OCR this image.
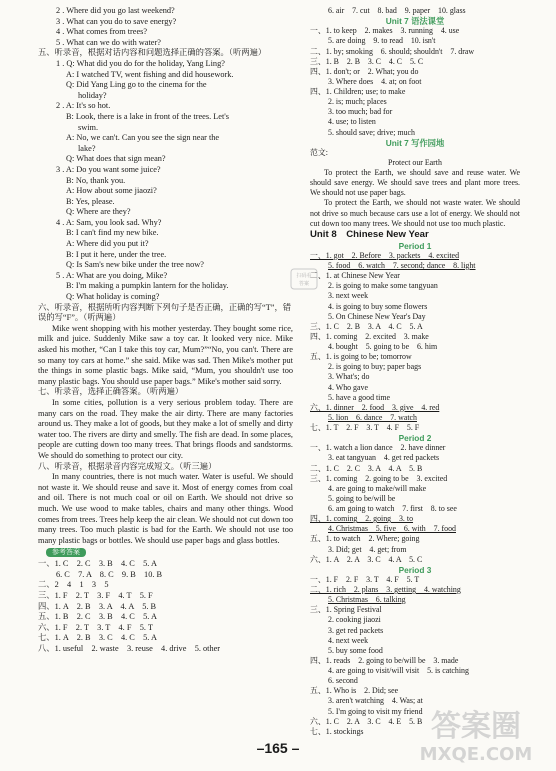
2 . Where did you go last weekend?
3 . What can you do to save energy?
4 . What comes from trees?
5 . What can we do with water?
五、听录音，根据对话内容和问题选择正确的答案。（听两遍）
1 . Q: What did you do for the holiday, Yang Ling?
A: I watched TV, went fishing and did housework.
Q: Did Yang Ling go to the cinema for the
holiday?
2 . A: It's so hot.
B: Look, there is a lake in front of the trees. Let's
swim.
A: No, we can't. Can you see the sign near the
lake?
Q: What does that sign mean?
3 . A: Do you want some juice?
B: No, thank you.
A: How about some jiaozi?
B: Yes, please.
Q: Where are they?
4 . A: Sam, you look sad. Why?
B: I can't find my new bike.
A: Where did you put it?
B: I put it here, under the tree.
Q: Is Sam's new bike under the tree now?
5 . A: What are you doing, Mike?
B: I'm making a pumpkin lantern for the holiday.
Q: What holiday is coming?
六、听录音，根据所听内容判断下列句子是否正确，正确的写“T”，错误的写“F”。（听两遍）
Mike went shopping with his mother yesterday. They bought some rice, milk and juice. Suddenly Mike saw a toy car. It looked very nice. Mike asked his mother, “Can I take this toy car, Mum?”“No, you can't. There are so many toy cars at home.” she said. Mike was sad. Then Mike's mother put the things in some plastic bags. Mike said, “Mum, you shouldn't use too many plastic bags. You should use paper bags.” Mike's mother said sorry.
七、听录音，选择正确答案。（听两遍）
In some cities, pollution is a very serious problem today. There are many cars on the road. They make the air dirty. There are many factories around us. They make a lot of goods, but they make a lot of smelly and dirty water too. The rivers are dirty and smelly. The fish are dead. In some places, people are cutting down too many trees. That brings floods and sandstorms. We should do something to protect our city.
八、听录音，根据录音内容完成短文。（听三遍）
In many countries, there is not much water. Water is useful. We should not waste it. We should reuse and save it. Most of energy comes from coal and oil. There is not much coal or oil on Earth. We should not drive so much. We use wood to make tables, chairs and many other things. Wood comes from trees. Trees help keep the air clean. We should not cut down too many trees. Too much plastic is bad for the Earth. We should not use too many plastic bags or bottles. We should use paper bags and glass bottles.
参考答案
一、1. C　2. C　3. B　4. C　5. A
6. C　7. A　8. C　9. B　10. B
二、2　4　1　3　5
三、1. F　2. T　3. F　4. T　5. F
四、1. A　2. B　3. A　4. A　5. B
五、1. B　2. C　3. B　4. C　5. A
六、1. F　2. T　3. T　4. F　5. T
七、1. A　2. B　3. C　4. C　5. A
八、1. useful　2. waste　3. reuse　4. drive　5. other
6. air　7. cut　8. bad　9. paper　10. glass
Unit 7 语法课堂
一、1. to keep　2. makes　3. running　4. use
5. are doing　9. to read　10. isn't
二、1. by; smoking　6. should; shouldn't　7. draw
三、1. B　2. B　3. C　4. C　5. C
四、1. don't; or　2. What; you do
3. Where does　4. at; on foot
四、1. Children; use; to make
2. is; much; places
3. too much; bad for
4. use; to listen
5. should save; drive; much
Unit 7 写作园地
范文:
Protect our Earth
To protect the Earth, we should save and reuse water. We should save energy. We should save trees and plant more trees. We should not use paper bags.
To protect the Earth, we should not waste water. We should not drive so much because cars use a lot of energy. We should not cut down too many trees. We should not use too much plastic.
Unit 8　Chinese New Year
Period 1
一、1. got　2. Before　3. packets　4. excited
5. food　6. watch　7. second; dance　8. light
二、1. at Chinese New Year
2. is going to make some tangyuan
3. next week
4. is going to buy some flowers
5. On Chinese New Year's Day
三、1. C　2. B　3. A　4. C　5. A
四、1. coming　2. excited　3. make
4. bought　5. going to be　6. him
五、1. is going to be; tomorrow
2. is going to buy; paper bags
3. What's; do
4. Who gave
5. have a good time
六、1. dinner　2. food　3. give　4. red
5. lion　6. dance　7. watch
七、1. T　2. F　3. T　4. F　5. F
Period 2
一、1. watch a lion dance　2. have dinner
3. eat tangyuan　4. get red packets
二、1. C　2. C　3. A　4. A　5. B
三、1. coming　2. going to be　3. excited
4. are going to make/will make
5. going to be/will be
6. am going to watch　7. first　8. to see
四、1. coming　2. going　3. to
4. Christmas　5. five　6. with　7. food
五、1. to watch　2. Where; going
3. Did; get　4. get; from
六、1. A　2. A　3. C　4. A　5. C
Period 3
一、1. F　2. F　3. T　4. F　5. T
二、1. rich　2. plans　3. getting　4. watching
5. Christmas　6. talking
三、1. Spring Festival
2. cooking jiaozi
3. get red packets
4. next week
5. buy some food
四、1. reads　2. going to be/will be　3. made
4. are going to visit/will visit　5. is catching
6. second
五、1. Who is　2. Did; see
3. aren't watching　4. Was; at
5. I'm going to visit my friend
六、1. C　2. A　3. C　4. E　5. B
七、1. stockings
–165 –
扫码看
答案
答案圈
MXQE.COM
